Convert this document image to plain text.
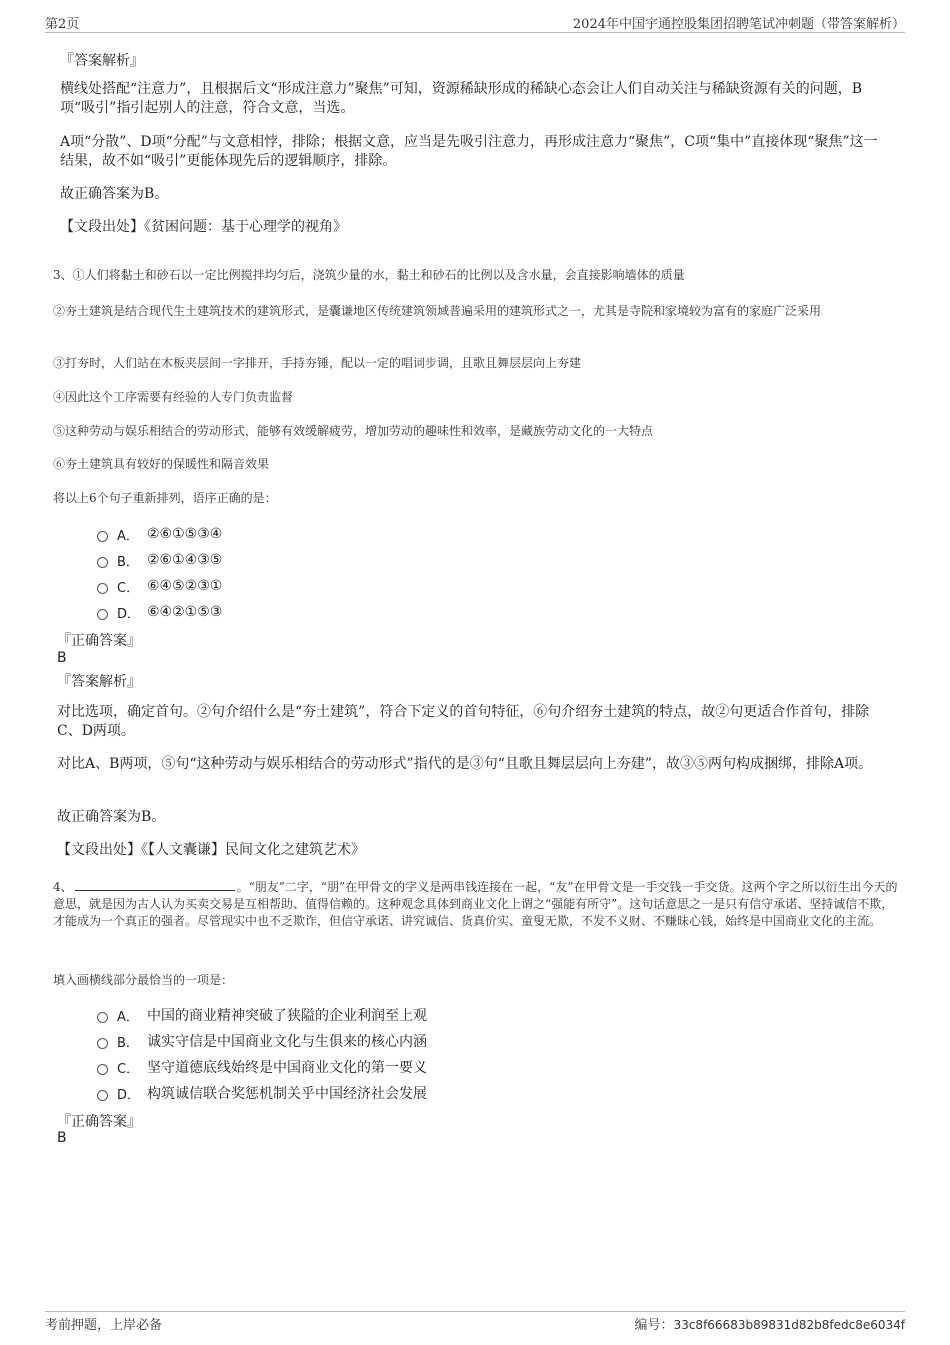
第2页	2024年中国宇通控股集团招聘笔试冲刺题（带答案解析）
『答案解析』
横线处搭配“注意力”，且根据后文“形成注意力”聚焦”可知，资源稀缺形成的稀缺心态会让人们自动关注与稀缺资源有关的问题，B项“吸引”指引起别人的注意，符合文意，当选。
A项“分散”、D项“分配”与文意相悖，排除；根据文意，应当是先吸引注意力，再形成注意力“聚焦”，C项“集中”直接体现“聚焦”这一结果，故不如“吸引”更能体现先后的逻辑顺序，排除。
故正确答案为B。
【文段出处】《贫困问题：基于心理学的视角》
3、①人们将黏土和砂石以一定比例搅拌均匀后，浇筑少量的水，黏土和砂石的比例以及含水量，会直接影响墙体的质量
②夯土建筑是结合现代生土建筑技术的建筑形式，是囊谦地区传统建筑领域普遍采用的建筑形式之一，尤其是寺院和家境较为富有的家庭广泛采用
③打夯时，人们站在木板夹层间一字排开，手持夯锤，配以一定的唱词步调，且歌且舞层层向上夯建
④因此这个工序需要有经验的人专门负责监督
⑤这种劳动与娱乐相结合的劳动形式，能够有效缓解疲劳，增加劳动的趣味性和效率，是藏族劳动文化的一大特点
⑥夯土建筑具有较好的保暖性和隔音效果
将以上6个句子重新排列，语序正确的是：
A． ②⑥①⑤③④
B． ②⑥①④③⑤
C． ⑥④⑤②③①
D． ⑥④②①⑤③
『正确答案』
B
『答案解析』
对比选项，确定首句。②句介绍什么是“夯土建筑”，符合下定义的首句特征，⑥句介绍夯土建筑的特点，故②句更适合作首句，排除C、D两项。
对比A、B两项，⑤句“这种劳动与娱乐相结合的劳动形式”指代的是③句“且歌且舞层层向上夯建”，故③⑤两句构成捆绑，排除A项。
故正确答案为B。
【文段出处】《【人文囊谦】民间文化之建筑艺术》
4、	。“朋友”二字，“朋”在甲骨文的字义是两串钱连接在一起，“友”在甲骨文是一手交钱一手交货。这两个字之所以衍生出今天的意思，就是因为古人认为买卖交易是互相帮助、值得信赖的。这种观念具体到商业文化上谓之“强能有所守”。这句话意思之一是只有信守承诺、坚持诚信不欺，才能成为一个真正的强者。尽管现实中也不乏欺诈，但信守承诺、讲究诚信、货真价实、童叟无欺，不发不义财、不赚昧心钱，始终是中国商业文化的主流。
填入画横线部分最恰当的一项是：
A． 中国的商业精神突破了狭隘的企业利润至上观
B． 诚实守信是中国商业文化与生俱来的核心内涵
C． 坚守道德底线始终是中国商业文化的第一要义
D． 构筑诚信联合奖惩机制关乎中国经济社会发展
『正确答案』
B
考前押题，上岸必备	编号：33c8f66683b89831d82b8fedc8e6034f
